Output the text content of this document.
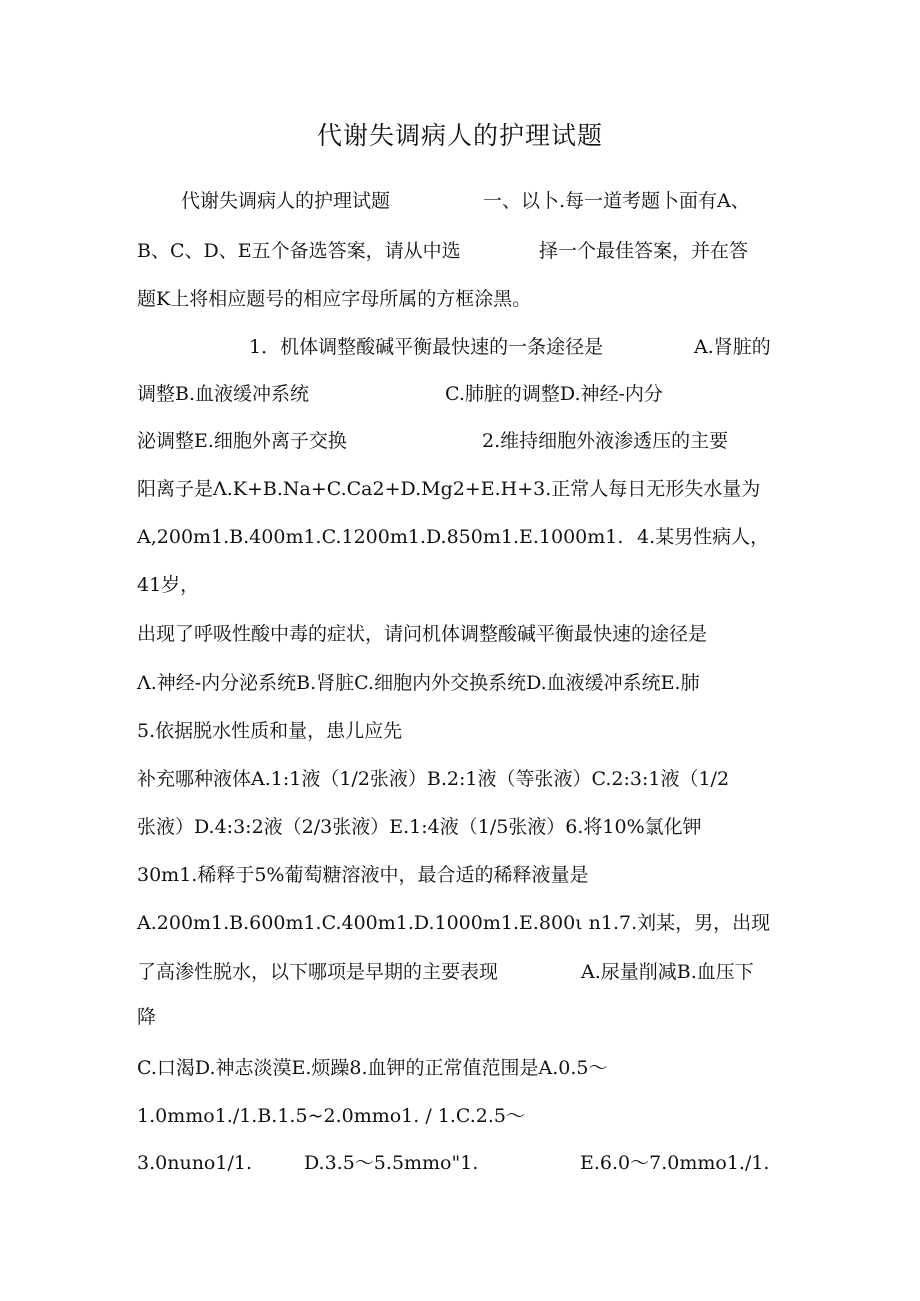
代谢失调病人的护理试题
代谢失调病人的护理试题	一、以卜.每一道考题卜面有A、
B、C、D、E五个备选答案，请从中选	择一个最佳答案，并在答
题K上将相应题号的相应字母所属的方框涂黑。
1．机体调整酸碱平衡最快速的一条途径是	A.肾脏的
调整B.血液缓冲系统	C.肺脏的调整D.神经-内分
泌调整E.细胞外离子交换	2.维持细胞外液渗透压的主要
阳离子是Λ.K+B.Na+C.Ca2+D.Mg2+E.H+3.正常人每日无形失水量为
A,200m1.B.400m1.C.1200m1.D.850m1.E.1000m1. 4.某男性病人，
41岁，
出现了呼吸性酸中毒的症状，请问机体调整酸碱平衡最快速的途径是
Λ.神经-内分泌系统B.肾脏C.细胞内外交换系统D.血液缓冲系统E.肺
5.依据脱水性质和量，患儿应先
补充哪种液体A.1:1液（1/2张液）B.2:1液（等张液）C.2:3:1液（1/2
张液）D.4:3:2液（2/3张液）E.1:4液（1/5张液）6.将10%氯化钾
30m1.稀释于5%葡萄糖溶液中，最合适的稀释液量是
A.200m1.B.600m1.C.400m1.D.1000m1.E.800ι n1.7.刘某，男，出现
了高渗性脱水，以下哪项是早期的主要表现	A.尿量削减B.血压下
降
C.口渴D.神志淡漠E.烦躁8.血钾的正常值范围是A.0.5～
1.0mmo1./1.B.1.5~2.0mmo1. / 1.C.2.5～
3.0nuno1/1.	D.3.5～5.5mmo"1.	E.6.0～7.0mmo1./1.
